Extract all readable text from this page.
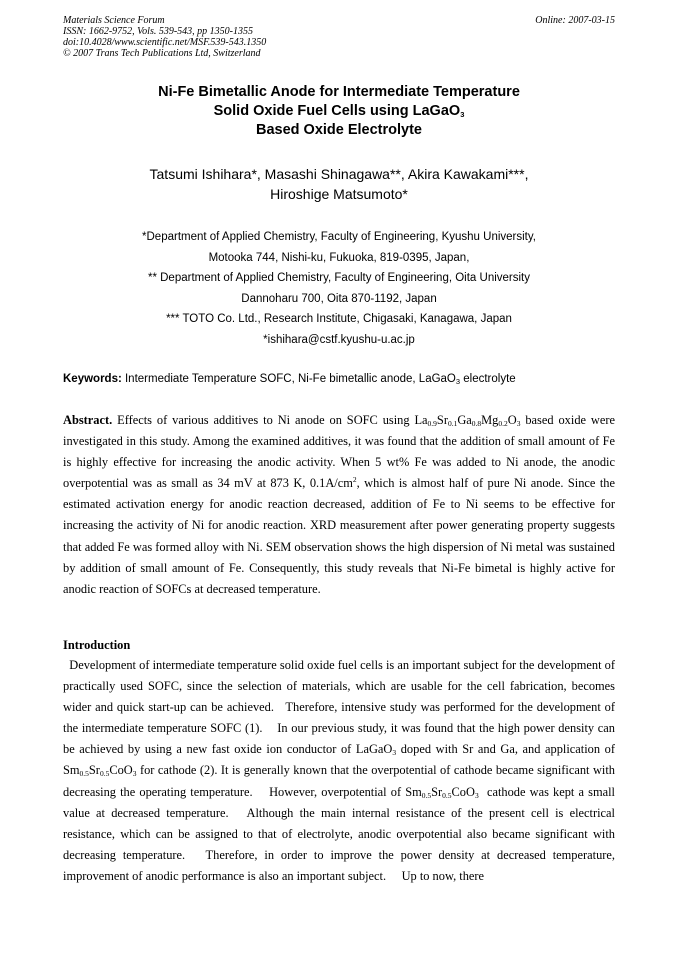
Materials Science Forum
ISSN: 1662-9752, Vols. 539-543, pp 1350-1355
doi:10.4028/www.scientific.net/MSF.539-543.1350
© 2007 Trans Tech Publications Ltd, Switzerland
Online: 2007-03-15
Ni-Fe Bimetallic Anode for Intermediate Temperature
Solid Oxide Fuel Cells using LaGaO$_3$
Based Oxide Electrolyte
Tatsumi Ishihara*, Masashi Shinagawa**, Akira Kawakami***,
Hiroshige Matsumoto*
*Department of Applied Chemistry, Faculty of Engineering, Kyushu University,
Motooka 744, Nishi-ku, Fukuoka, 819-0395, Japan,
** Department of Applied Chemistry, Faculty of Engineering, Oita University
Dannoharu 700, Oita 870-1192, Japan
*** TOTO Co. Ltd., Research Institute, Chigasaki, Kanagawa, Japan
*ishihara@cstf.kyushu-u.ac.jp
Keywords: Intermediate Temperature SOFC, Ni-Fe bimetallic anode, LaGaO$_3$ electrolyte
Abstract. Effects of various additives to Ni anode on SOFC using $La_{0.9}Sr_{0.1}Ga_{0.8}Mg_{0.2}O_3$ based oxide were investigated in this study. Among the examined additives, it was found that the addition of small amount of Fe is highly effective for increasing the anodic activity. When 5 wt% Fe was added to Ni anode, the anodic overpotential was as small as 34 mV at 873 K, $0.1A/cm^2$, which is almost half of pure Ni anode. Since the estimated activation energy for anodic reaction decreased, addition of Fe to Ni seems to be effective for increasing the activity of Ni for anodic reaction. XRD measurement after power generating property suggests that added Fe was formed alloy with Ni. SEM observation shows the high dispersion of Ni metal was sustained by addition of small amount of Fe. Consequently, this study reveals that Ni-Fe bimetal is highly active for anodic reaction of SOFCs at decreased temperature.
Introduction
Development of intermediate temperature solid oxide fuel cells is an important subject for the development of practically used SOFC, since the selection of materials, which are usable for the cell fabrication, becomes wider and quick start-up can be achieved.   Therefore, intensive study was performed for the development of the intermediate temperature SOFC (1).    In our previous study, it was found that the high power density can be achieved by using a new fast oxide ion conductor of LaGaO$_3$ doped with Sr and Ga, and application of $Sm_{0.5}Sr_{0.5}CoO_3$ for cathode (2). It is generally known that the overpotential of cathode became significant with decreasing the operating temperature.    However, overpotential of $Sm_{0.5}Sr_{0.5}CoO_3$  cathode was kept a small value at decreased temperature.   Although the main internal resistance of the present cell is electrical resistance, which can be assigned to that of electrolyte, anodic overpotential also became significant with decreasing temperature.   Therefore, in order to improve the power density at decreased temperature, improvement of anodic performance is also an important subject.     Up to now, there
